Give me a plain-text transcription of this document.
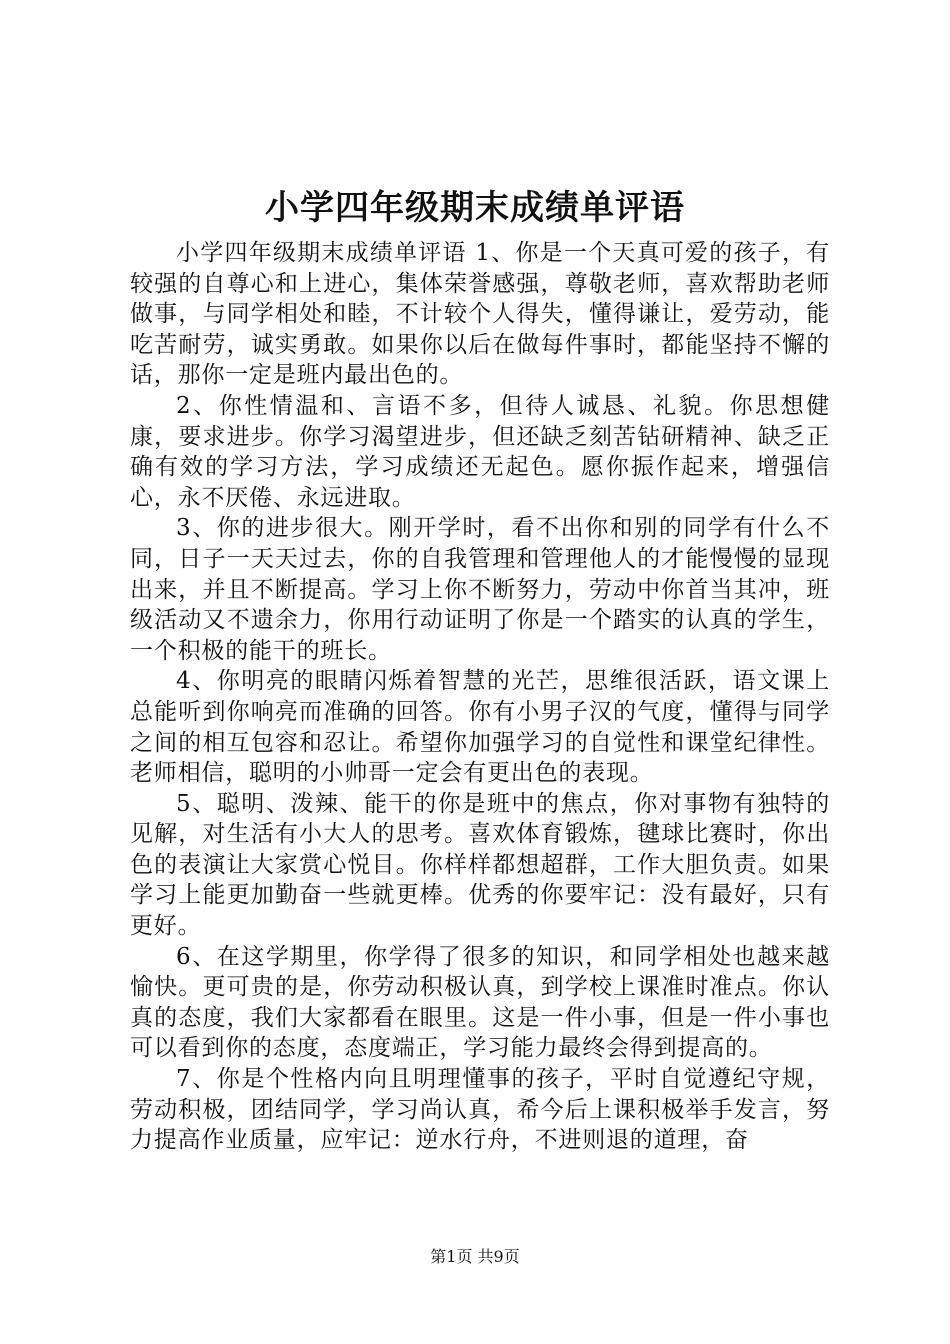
小学四年级期末成绩单评语

小学四年级期末成绩单评语 1、你是一个天真可爱的孩子，有较强的自尊心和上进心，集体荣誉感强，尊敬老师，喜欢帮助老师做事，与同学相处和睦，不计较个人得失，懂得谦让，爱劳动，能吃苦耐劳，诚实勇敢。如果你以后在做每件事时，都能坚持不懈的话，那你一定是班内最出色的。

2、你性情温和、言语不多，但待人诚恳、礼貌。你思想健康，要求进步。你学习渴望进步，但还缺乏刻苦钻研精神、缺乏正确有效的学习方法，学习成绩还无起色。愿你振作起来，增强信心，永不厌倦、永远进取。

3、你的进步很大。刚开学时，看不出你和别的同学有什么不同，日子一天天过去，你的自我管理和管理他人的才能慢慢的显现出来，并且不断提高。学习上你不断努力，劳动中你首当其冲，班级活动又不遗余力，你用行动证明了你是一个踏实的认真的学生，一个积极的能干的班长。

4、你明亮的眼睛闪烁着智慧的光芒，思维很活跃，语文课上总能听到你响亮而准确的回答。你有小男子汉的气度，懂得与同学之间的相互包容和忍让。希望你加强学习的自觉性和课堂纪律性。老师相信，聪明的小帅哥一定会有更出色的表现。

5、聪明、泼辣、能干的你是班中的焦点，你对事物有独特的见解，对生活有小大人的思考。喜欢体育锻炼，毽球比赛时，你出色的表演让大家赏心悦目。你样样都想超群，工作大胆负责。如果学习上能更加勤奋一些就更棒。优秀的你要牢记：没有最好，只有更好。

6、在这学期里，你学得了很多的知识，和同学相处也越来越愉快。更可贵的是，你劳动积极认真，到学校上课准时准点。你认真的态度，我们大家都看在眼里。这是一件小事，但是一件小事也可以看到你的态度，态度端正，学习能力最终会得到提高的。

7、你是个性格内向且明理懂事的孩子，平时自觉遵纪守规，劳动积极，团结同学，学习尚认真，希今后上课积极举手发言，努力提高作业质量，应牢记：逆水行舟，不进则退的道理，奋

第1页 共9页
